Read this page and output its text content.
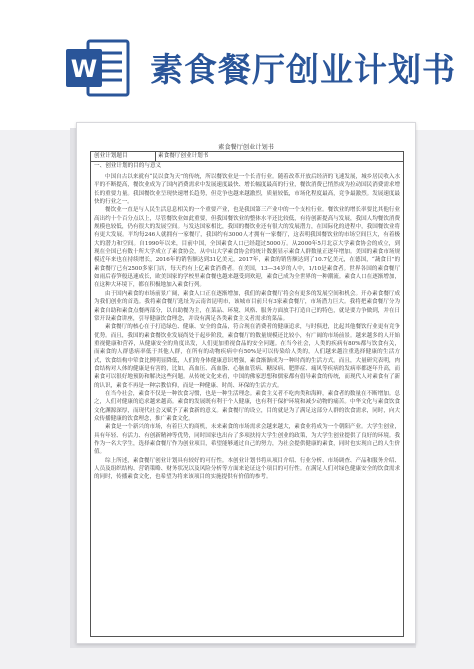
W 素食餐厅创业计划书
素食餐厅创业计划书
创业计划题目	素食餐厅创业计划书
一、创业计划的目的与意义

中国自古以来就有“民以食为天”的传统，所以餐饮业是一个长青行业。随着改革开放后经济的飞速发展，城乡居民收入水平的不断提高，餐饮业成为了国内消费需求中发展速度最快、增长幅度最高的行业，餐饮消费已悄然成为拉动国民消费需求增长的重要力量。我国餐饮业呈现快速增长趋势，但竞争也越来越激烈，质量较低，市场化程度最高，竞争最激烈。发展速度最快的行业之一。

餐饮业一直是与人民生活息息相关的一个重要产业，也是我国第三产业中的一个支柱行业。餐饮业的增长率要比其他行业高出约十个百分点以上，尽管餐饮业如此重要，但我国餐饮业的整体水平还比较低，有待创新提高与发展，我国人均餐饮消费规模也较低，仍有很大的发展空间。与发达国家相比，我国的餐饮业还有很大的发展潜力，在国际化的进程中，我国餐饮业将有更大发展。平均每246人就拥有一家餐厅，我国约有3000人才拥有一家餐厅，这表明我国餐饮业的市场空间巨大，有着极大的潜力和空间。自1990年以来，目前中国，全国素食人口已经超过5000万。从2000年5月北京大学素食协会的成立，到现在全国已有数十所大学成立了素食协会，从中山大学素食协会的统计数据显示素食人群数量正逐年增加。美国的素食市场规模近年来也在持续增长，2016年的销售额达到31亿美元，2017年，素食的销售额达到了10.7亿美元，在德国，“蔬食日”的素食餐厅已有2500多家门店，每天约有上亿素食消费者。在美国，13—34岁的人中，1/10是素食者。世界各国的素食餐厅如雨后春笋般迅速成长，欧美国家的学校里素食餐也越来越受到欢迎，素食已成为全世界的一种潮流。素食人口在逐渐增加，在这种大环境下，都在积极地加入素食行列。

由于国内素食的市场前景广阔，素食人口正在逐渐增加，我们的素食餐厅将会有更多的发展空间和机会。开办素食餐厅成为我们创业的首选。我将素食餐厅选址为云南省昆明市，该城市目前只有3家素食餐厅，市场潜力巨大。我将把素食餐厅分为素食自助和素食点餐两部分，以自助餐为主，在菜品、环境、风格、服务方面放手打造自己的特色，就是要力争做到，并在日常开设素食讲座，引导健康饮食理念，并设有满足各类素食主义者需求的菜品。

素食餐厅的核心在于打造绿色、健康、安全的食品，符合现在消费者的健康追求，与时俱进，比起其他餐饮行业更有竞争优势。而且，我国的素食餐饮业发展尚处于起步阶段，素食餐厅的数量规模还比较小，有广阔的市场前景。越来越多的人开始重视健康和营养，从健康安全的角度出发，人们更加重视食品的安全问题。在当今社会，人类的疾病有80%都与饮食有关，而素食的人群患病率低于其他人群，在所有的动物疾病中有50%是可以传染给人类的，人们越来越注重选择健康的生活方式，饮食结构中荤食比例明显降低，人们的身体健康意识增强，素食渐渐成为一种时尚的生活方式。而且，大量研究表明，肉食结构对人体的健康是有害的，比如，高血压、高血脂、心脑血管病、糖尿病、肥胖症、痛风等疾病的发病率都逐年升高，而素食可以很好地预防和解决这些问题。从传统文化来看，中国的佛家思想和儒家都有倡导素食的传统，而现代人对素食有了新的认识，素食不再是一种宗教信仰，而是一种健康、时尚、环保的生活方式。

在当今社会，素食不仅是一种饮食习惯，也是一种生活理念。素食主义者不吃肉类和海鲜，素食者的数量在不断增加。总之，人们对健康的追求越来越高。素食的发展既有利于个人健康，也有利于保护环境和减少动物的痛苦。中华文化与素食饮食文化渊源深厚，而现代社会又赋予了素食新的意义。素食餐厅的设立，目的就是为了满足这部分人群的饮食需求，同时，向大众传播健康的饮食理念，推广素食文化。

素食是一个新兴的市场，有着巨大的商机，未来素食的市场需求会越来越大，素食业将成为一个朝阳产业。大学生创业，具有年轻、有活力、有创新精神等优势，同时国家也出台了多项扶持大学生创业的政策，为大学生创业提供了良好的环境。我作为一名大学生，选择素食餐厅作为创业项目，希望能够通过自己的努力，为社会提供健康的素食，同时也实现自己的人生价值。

综上所述，素食餐厅创业计划具有较好的可行性。本创业计划书将从项目介绍、行业分析、市场调查、产品和服务介绍、人员及组织结构、营销策略、财务状况以及风险分析等方面来论证这个项目的可行性。在满足人们对绿色健康安全的饮食需求的同时，传播素食文化，也希望为将来该项目的实施提供有价值的参考。
